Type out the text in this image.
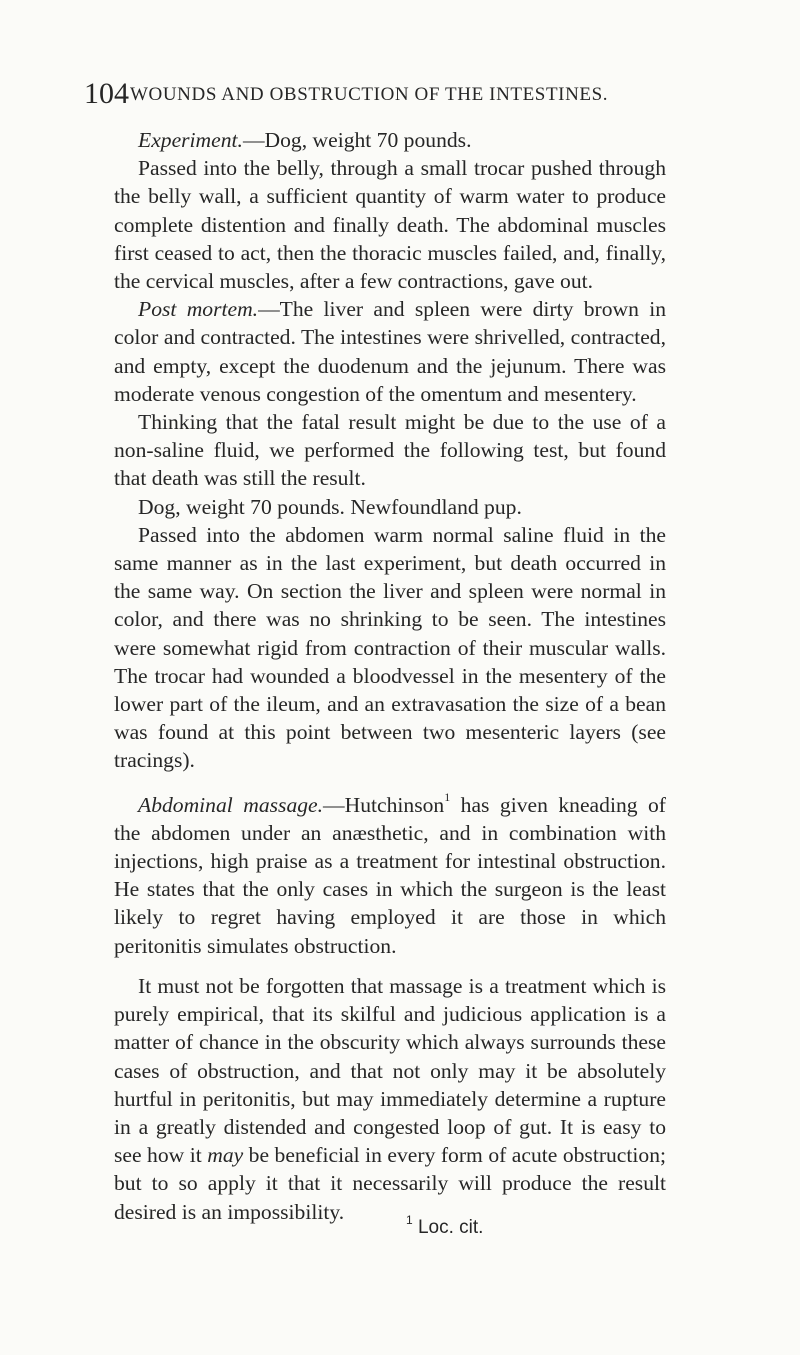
104 WOUNDS AND OBSTRUCTION OF THE INTESTINES.

Experiment.—Dog, weight 70 pounds.

Passed into the belly, through a small trocar pushed through the belly wall, a sufficient quantity of warm water to produce complete distention and finally death. The abdominal muscles first ceased to act, then the thoracic muscles failed, and, finally, the cervical muscles, after a few contractions, gave out.

Post mortem.—The liver and spleen were dirty brown in color and contracted. The intestines were shrivelled, contracted, and empty, except the duodenum and the jejunum. There was moderate venous congestion of the omentum and mesentery.

Thinking that the fatal result might be due to the use of a non-saline fluid, we performed the following test, but found that death was still the result.

Dog, weight 70 pounds. Newfoundland pup.

Passed into the abdomen warm normal saline fluid in the same manner as in the last experiment, but death occurred in the same way. On section the liver and spleen were normal in color, and there was no shrinking to be seen. The intestines were somewhat rigid from contraction of their muscular walls. The trocar had wounded a bloodvessel in the mesentery of the lower part of the ileum, and an extravasation the size of a bean was found at this point between two mesenteric layers (see tracings).

Abdominal massage.—Hutchinson$^1$ has given kneading of the abdomen under an anæsthetic, and in combination with injections, high praise as a treatment for intestinal obstruction. He states that the only cases in which the surgeon is the least likely to regret having employed it are those in which peritonitis simulates obstruction.

It must not be forgotten that massage is a treatment which is purely empirical, that its skilful and judicious application is a matter of chance in the obscurity which always surrounds these cases of obstruction, and that not only may it be absolutely hurtful in peritonitis, but may immediately determine a rupture in a greatly distended and congested loop of gut. It is easy to see how it may be beneficial in every form of acute obstruction; but to so apply it that it necessarily will produce the result desired is an impossibility.	$^1$ Loc. cit.
